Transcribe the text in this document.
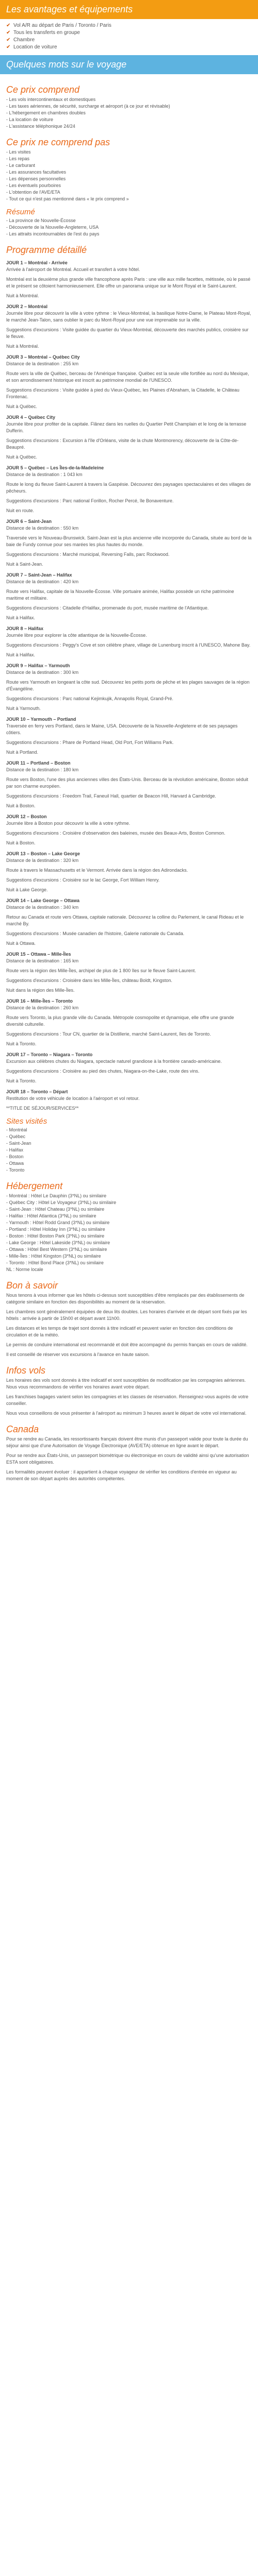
Les avantages et équipements
✔ Vol A/R au départ de Paris / Toronto / Paris
✔ Tous les transferts en groupe
✔ Chambre
✔ Location de voiture
Quelques mots sur le voyage
Ce prix comprend

- Les vols intercontinentaux et domestiques

- Les taxes aériennes, de sécurité, surcharge et aéroport (à ce jour et révisable)

- L'hébergement en chambres doubles

- La location de voiture

- L'assistance téléphonique 24/24

Ce prix ne comprend pas

- Les visites

- Les repas

- Le carburant

- Les assurances facultatives

- Les dépenses personnelles

- Les éventuels pourboires

- L'obtention de l'AVE/ETA

- Tout ce qui n'est pas mentionné dans « le prix comprend »

Résumé

- La province de Nouvelle-Écosse

- Découverte de la Nouvelle-Angleterre, USA

- Les attraits incontournables de l'est du pays

Programme détaillé

JOUR 1 – Montréal - Arrivée

Arrivée à l'aéroport de Montréal. Accueil et transfert à votre hôtel.

Montréal est la deuxième plus grande ville francophone après Paris : une ville aux mille facettes, métissée, où le passé et le présent se côtoient harmonieusement. Elle offre un panorama unique sur le Mont Royal et le Saint-Laurent.

Nuit à Montréal.

JOUR 2 – Montréal

Journée libre pour découvrir la ville à votre rythme : le Vieux-Montréal, la basilique Notre-Dame, le Plateau Mont-Royal, le marché Jean-Talon, sans oublier le parc du Mont-Royal pour une vue imprenable sur la ville.

Suggestions d'excursions : Visite guidée du quartier du Vieux-Montréal, découverte des marchés publics, croisière sur le fleuve.

Nuit à Montréal.

JOUR 3 – Montréal – Québec City

Distance de la destination : 255 km

Route vers la ville de Québec, berceau de l'Amérique française. Québec est la seule ville fortifiée au nord du Mexique, et son arrondissement historique est inscrit au patrimoine mondial de l'UNESCO.

Suggestions d'excursions : Visite guidée à pied du Vieux-Québec, les Plaines d'Abraham, la Citadelle, le Château Frontenac.

Nuit à Québec.

JOUR 4 – Québec City

Journée libre pour profiter de la capitale. Flânez dans les ruelles du Quartier Petit Champlain et le long de la terrasse Dufferin.

Suggestions d'excursions : Excursion à l'île d'Orléans, visite de la chute Montmorency, découverte de la Côte-de-Beaupré.

Nuit à Québec.

JOUR 5 – Québec – Les Îles-de-la-Madeleine

Distance de la destination : 1 043 km

Route le long du fleuve Saint-Laurent à travers la Gaspésie. Découvrez des paysages spectaculaires et des villages de pêcheurs.

Suggestions d'excursions : Parc national Forillon, Rocher Percé, île Bonaventure.

Nuit en route.

JOUR 6 – Saint-Jean

Distance de la destination : 550 km

Traversée vers le Nouveau-Brunswick. Saint-Jean est la plus ancienne ville incorporée du Canada, située au bord de la baie de Fundy connue pour ses marées les plus hautes du monde.

Suggestions d'excursions : Marché municipal, Reversing Falls, parc Rockwood.

Nuit à Saint-Jean.

JOUR 7 – Saint-Jean – Halifax

Distance de la destination : 420 km

Route vers Halifax, capitale de la Nouvelle-Écosse. Ville portuaire animée, Halifax possède un riche patrimoine maritime et militaire.

Suggestions d'excursions : Citadelle d'Halifax, promenade du port, musée maritime de l'Atlantique.

Nuit à Halifax.

JOUR 8 – Halifax

Journée libre pour explorer la côte atlantique de la Nouvelle-Écosse.

Suggestions d'excursions : Peggy's Cove et son célèbre phare, village de Lunenburg inscrit à l'UNESCO, Mahone Bay.

Nuit à Halifax.

JOUR 9 – Halifax – Yarmouth

Distance de la destination : 300 km

Route vers Yarmouth en longeant la côte sud. Découvrez les petits ports de pêche et les plages sauvages de la région d'Évangéline.

Suggestions d'excursions : Parc national Kejimkujik, Annapolis Royal, Grand-Pré.

Nuit à Yarmouth.

JOUR 10 – Yarmouth – Portland

Traversée en ferry vers Portland, dans le Maine, USA. Découverte de la Nouvelle-Angleterre et de ses paysages côtiers.

Suggestions d'excursions : Phare de Portland Head, Old Port, Fort Williams Park.

Nuit à Portland.

JOUR 11 – Portland – Boston

Distance de la destination : 180 km

Route vers Boston, l'une des plus anciennes villes des États-Unis. Berceau de la révolution américaine, Boston séduit par son charme européen.

Suggestions d'excursions : Freedom Trail, Faneuil Hall, quartier de Beacon Hill, Harvard à Cambridge.

Nuit à Boston.

JOUR 12 – Boston

Journée libre à Boston pour découvrir la ville à votre rythme.

Suggestions d'excursions : Croisière d'observation des baleines, musée des Beaux-Arts, Boston Common.

Nuit à Boston.

JOUR 13 – Boston – Lake George

Distance de la destination : 320 km

Route à travers le Massachusetts et le Vermont. Arrivée dans la région des Adirondacks.

Suggestions d'excursions : Croisière sur le lac George, Fort William Henry.

Nuit à Lake George.

JOUR 14 – Lake George – Ottawa

Distance de la destination : 340 km

Retour au Canada et route vers Ottawa, capitale nationale. Découvrez la colline du Parlement, le canal Rideau et le marché By.

Suggestions d'excursions : Musée canadien de l'histoire, Galerie nationale du Canada.

Nuit à Ottawa.

JOUR 15 – Ottawa – Mille-Îles

Distance de la destination : 165 km

Route vers la région des Mille-Îles, archipel de plus de 1 800 îles sur le fleuve Saint-Laurent.

Suggestions d'excursions : Croisière dans les Mille-Îles, château Boldt, Kingston.

Nuit dans la région des Mille-Îles.

JOUR 16 – Mille-Îles – Toronto

Distance de la destination : 260 km

Route vers Toronto, la plus grande ville du Canada. Métropole cosmopolite et dynamique, elle offre une grande diversité culturelle.

Suggestions d'excursions : Tour CN, quartier de la Distillerie, marché Saint-Laurent, îles de Toronto.

Nuit à Toronto.

JOUR 17 – Toronto – Niagara – Toronto

Excursion aux célèbres chutes du Niagara, spectacle naturel grandiose à la frontière canado-américaine.

Suggestions d'excursions : Croisière au pied des chutes, Niagara-on-the-Lake, route des vins.

Nuit à Toronto.

JOUR 18 – Toronto – Départ

Restitution de votre véhicule de location à l'aéroport et vol retour.

**TITLE DE SÉJOUR/SERVICES**

Sites visités

- Montréal

- Québec

- Saint-Jean

- Halifax

- Boston

- Ottawa

- Toronto

Hébergement

- Montréal : Hôtel Le Dauphin (3*NL) ou similaire

- Québec City : Hôtel Le Voyageur (3*NL) ou similaire

- Saint-Jean : Hôtel Chateau (3*NL) ou similaire

- Halifax : Hôtel Atlantica (3*NL) ou similaire

- Yarmouth : Hôtel Rodd Grand (3*NL) ou similaire

- Portland : Hôtel Holiday Inn (3*NL) ou similaire

- Boston : Hôtel Boston Park (3*NL) ou similaire

- Lake George : Hôtel Lakeside (3*NL) ou similaire

- Ottawa : Hôtel Best Western (3*NL) ou similaire

- Mille-Îles : Hôtel Kingston (3*NL) ou similaire

- Toronto : Hôtel Bond Place (3*NL) ou similaire

NL : Norme locale

Bon à savoir

Nous tenons à vous informer que les hôtels ci-dessus sont susceptibles d'être remplacés par des établissements de catégorie similaire en fonction des disponibilités au moment de la réservation.

Les chambres sont généralement équipées de deux lits doubles. Les horaires d'arrivée et de départ sont fixés par les hôtels : arrivée à partir de 15h00 et départ avant 11h00.

Les distances et les temps de trajet sont donnés à titre indicatif et peuvent varier en fonction des conditions de circulation et de la météo.

Le permis de conduire international est recommandé et doit être accompagné du permis français en cours de validité.

Il est conseillé de réserver vos excursions à l'avance en haute saison.

Infos vols

Les horaires des vols sont donnés à titre indicatif et sont susceptibles de modification par les compagnies aériennes. Nous vous recommandons de vérifier vos horaires avant votre départ.

Les franchises bagages varient selon les compagnies et les classes de réservation. Renseignez-vous auprès de votre conseiller.

Nous vous conseillons de vous présenter à l'aéroport au minimum 3 heures avant le départ de votre vol international.

Canada

Pour se rendre au Canada, les ressortissants français doivent être munis d'un passeport valide pour toute la durée du séjour ainsi que d'une Autorisation de Voyage Électronique (AVE/ETA) obtenue en ligne avant le départ.

Pour se rendre aux États-Unis, un passeport biométrique ou électronique en cours de validité ainsi qu'une autorisation ESTA sont obligatoires.

Les formalités peuvent évoluer : il appartient à chaque voyageur de vérifier les conditions d'entrée en vigueur au moment de son départ auprès des autorités compétentes.
